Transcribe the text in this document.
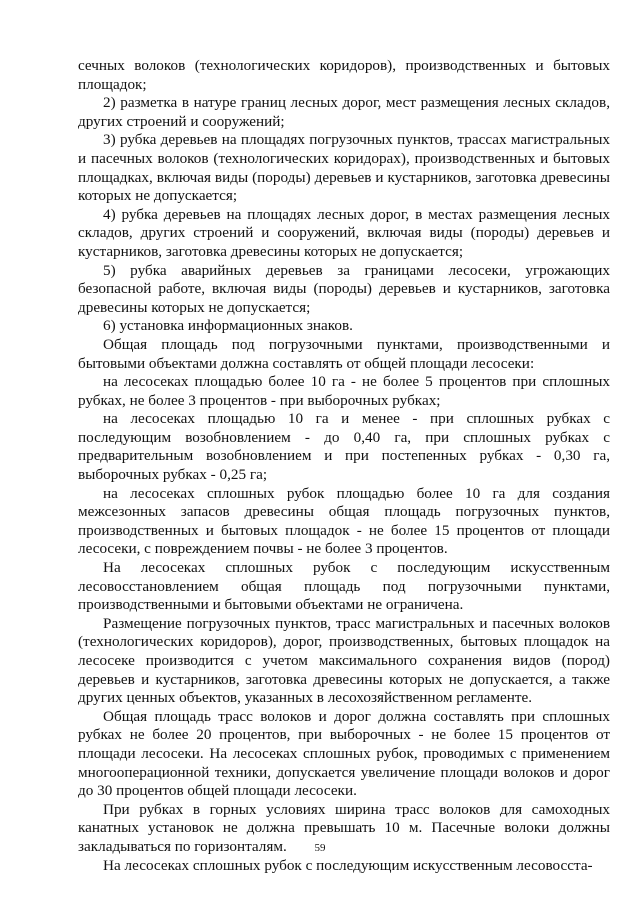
сечных волоков (технологических коридоров), производственных и бытовых площадок;

2) разметка в натуре границ лесных дорог, мест размещения лесных складов, других строений и сооружений;

3) рубка деревьев на площадях погрузочных пунктов, трассах магистральных и пасечных волоков (технологических коридорах), производственных и бытовых площадках, включая виды (породы) деревьев и кустарников, заготовка древесины которых не допускается;

4) рубка деревьев на площадях лесных дорог, в местах размещения лесных складов, других строений и сооружений, включая виды (породы) деревьев и кустарников, заготовка древесины которых не допускается;

5) рубка аварийных деревьев за границами лесосеки, угрожающих безопасной работе, включая виды (породы) деревьев и кустарников, заготовка древесины которых не допускается;

6) установка информационных знаков.

Общая площадь под погрузочными пунктами, производственными и бытовыми объектами должна составлять от общей площади лесосеки:

на лесосеках площадью более 10 га - не более 5 процентов при сплошных рубках, не более 3 процентов - при выборочных рубках;

на лесосеках площадью 10 га и менее - при сплошных рубках с последующим возобновлением - до 0,40 га, при сплошных рубках с предварительным возобновлением и при постепенных рубках - 0,30 га, выборочных рубках - 0,25 га;

на лесосеках сплошных рубок площадью более 10 га для создания межсезонных запасов древесины общая площадь погрузочных пунктов, производственных и бытовых площадок - не более 15 процентов от площади лесосеки, с повреждением почвы - не более 3 процентов.

На лесосеках сплошных рубок с последующим искусственным лесовосстановлением общая площадь под погрузочными пунктами, производственными и бытовыми объектами не ограничена.

Размещение погрузочных пунктов, трасс магистральных и пасечных волоков (технологических коридоров), дорог, производственных, бытовых площадок на лесосеке производится с учетом максимального сохранения видов (пород) деревьев и кустарников, заготовка древесины которых не допускается, а также других ценных объектов, указанных в лесохозяйственном регламенте.

Общая площадь трасс волоков и дорог должна составлять при сплошных рубках не более 20 процентов, при выборочных - не более 15 процентов от площади лесосеки. На лесосеках сплошных рубок, проводимых с применением многооперационной техники, допускается увеличение площади волоков и дорог до 30 процентов общей площади лесосеки.

При рубках в горных условиях ширина трасс волоков для самоходных канатных установок не должна превышать 10 м. Пасечные волоки должны закладываться по горизонталям.

На лесосеках сплошных рубок с последующим искусственным лесовосста-

59
